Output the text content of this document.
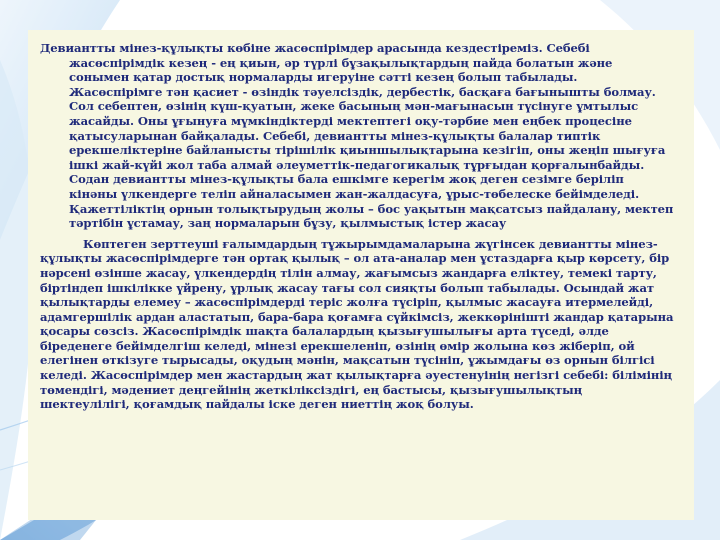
Девиантты мінез-құлықты көбіне жасөспірімдер арасында кездестіреміз. Себебі жасөспірімдік кезең - ең қиын, әр түрлі бұзақылықтардың пайда болатын және сонымен қатар достық нормаларды игеруіне сәтті кезең болып табылады. Жасөспірімге тән қасиет - өзіндік тәуелсіздік, дербестік, басқаға бағынышты болмау. Сол себептен, өзінің күш-қуатын, жеке басының мән-мағынасын түсінуге ұмтылыс жасайды. Оны ұғынуға мүмкіндіктерді мектептегі оқу-тәрбие мен еңбек процесіне қатысуларынан байқалады. Себебі, девиантты мінез-құлықты балалар типтік ерекшеліктеріне байланысты тірішілік қиыншылықтарына кезігіп, оны жеңіп шығуға ішкі жай-күйі жол таба алмай әлеуметтік-педагогикалық тұрғыдан қорғалынбайды. Содан девиантты мінез-құлықты бала ешкімге керегім жоқ деген сезімге беріліп кінәны үлкендерге теліп айналасымен жан-жалдасуға, ұрыс-төбелеске бейімделеді. Қажеттіліктің орнын толықтырудың жолы – бос уақытын мақсатсыз пайдалану, мектеп тәртібін ұстамау, заң нормаларын бұзу, қылмыстық істер жасау

Көптеген зерттеуші ғалымдардың тұжырымдамаларына жүгінсек девиантты мінез-құлықты жасөспірімдерге тән ортақ қылық – ол ата-аналар мен ұстаздарға қыр көрсету, бір нәрсені өзінше жасау, үлкендердің тілін алмау, жағымсыз жандарға еліктеу, темекі тарту, біртіндеп ішкілікке үйрену, ұрлық жасау тағы сол сияқты болып табылады. Осындай жат қылықтарды елемеу – жасөспірімдерді теріс жолға түсіріп, қылмыс жасауға итермелейді, адамгершілік ардан аластатып, бара-бара қоғамға сүйкімсіз, жеккөрінішті жандар қатарына қосары сөзсіз. Жасөспірімдік шақта балалардың қызығушылығы арта түседі, әлде біреденеге бейімделгіш келеді, мінезі ерекшеленіп, өзінің өмір жолына көз жіберіп, ой елегінен өткізуге тырысады, оқудың мәнін, мақсатын түсініп, ұжымдағы өз орнын білгісі келеді. Жасөспірімдер мен жастардың жат қылықтарға әуестенуінің негізгі себебі: білімінің төмендігі, мәдениет деңгейінің жеткіліксіздігі, ең бастысы, қызығушылықтың шектеулілігі, қоғамдық пайдалы іске деген ниеттің жоқ болуы.
